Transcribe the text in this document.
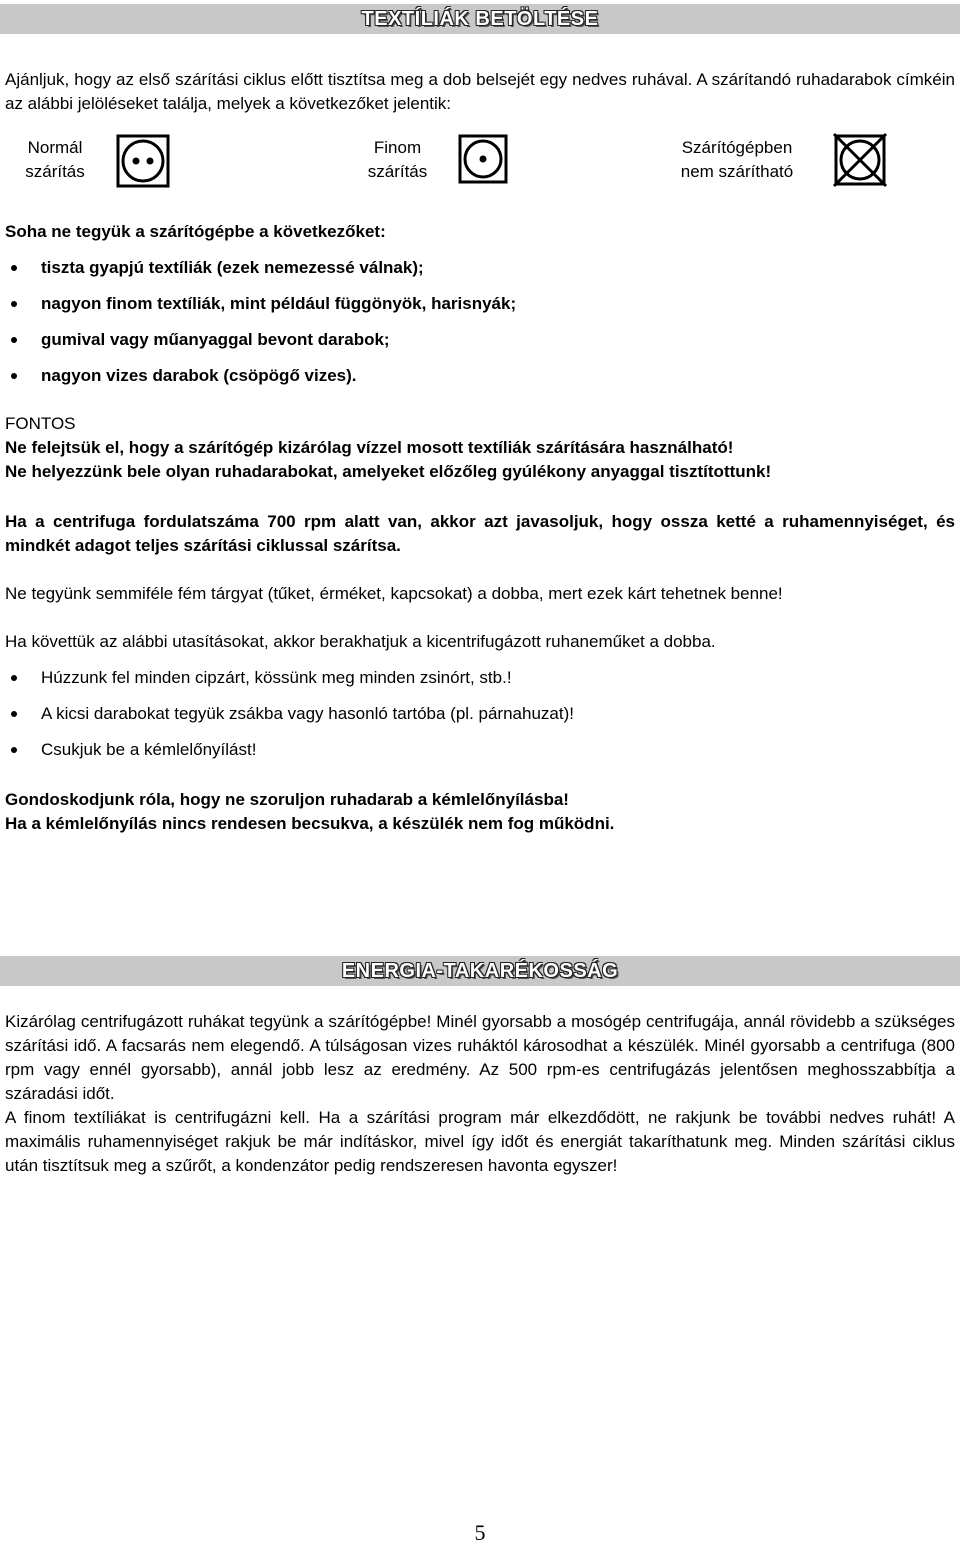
TEXTÍLIÁK BETÖLTÉSE

Ajánljuk, hogy az első szárítási ciklus előtt tisztítsa meg a dob belsejét egy nedves ruhával. A szárítandó ruhadarabok címkéin az alábbi jelöléseket találja, melyek a következőket jelentik:

Normál
szárítás
Finom
szárítás
Szárítógépben
nem szárítható

Soha ne tegyük a szárítógépbe a következőket:

tiszta gyapjú textíliák (ezek nemezessé válnak);
nagyon finom textíliák, mint például függönyök, harisnyák;
gumival vagy műanyaggal bevont darabok;
nagyon vizes darabok (csöpögő vizes).

FONTOS

Ne felejtsük el, hogy a szárítógép kizárólag vízzel mosott textíliák szárítására használható!

Ne helyezzünk bele olyan ruhadarabokat, amelyeket előzőleg gyúlékony anyaggal tisztítottunk!

Ha a centrifuga fordulatszáma 700 rpm alatt van, akkor azt javasoljuk, hogy ossza ketté a ruhamennyiséget, és mindkét adagot teljes szárítási ciklussal szárítsa.

Ne tegyünk semmiféle fém tárgyat (tűket, érméket, kapcsokat) a dobba, mert ezek kárt tehetnek benne!

Ha követtük az alábbi utasításokat, akkor berakhatjuk a kicentrifugázott ruhaneműket a dobba.

Húzzunk fel minden cipzárt, kössünk meg minden zsinórt, stb.!
A kicsi darabokat tegyük zsákba vagy hasonló tartóba (pl. párnahuzat)!
Csukjuk be a kémlelőnyílást!

Gondoskodjunk róla, hogy ne szoruljon ruhadarab a kémlelőnyílásba!

Ha a kémlelőnyílás nincs rendesen becsukva, a készülék nem fog működni.

ENERGIA-TAKARÉKOSSÁG

Kizárólag centrifugázott ruhákat tegyünk a szárítógépbe! Minél gyorsabb a mosógép centrifugája, annál rövidebb a szükséges szárítási idő. A facsarás nem elegendő. A túlságosan vizes ruháktól károsodhat a készülék. Minél gyorsabb a centrifuga (800 rpm vagy ennél gyorsabb), annál jobb lesz az eredmény. Az 500 rpm-es centrifugázás jelentősen meghosszabbítja a száradási időt.

A finom textíliákat is centrifugázni kell. Ha a szárítási program már elkezdődött, ne rakjunk be további nedves ruhát! A maximális ruhamennyiséget rakjuk be már indításkor, mivel így időt és energiát takaríthatunk meg. Minden szárítási ciklus után tisztítsuk meg a szűrőt, a kondenzátor pedig rendszeresen havonta egyszer!

5
